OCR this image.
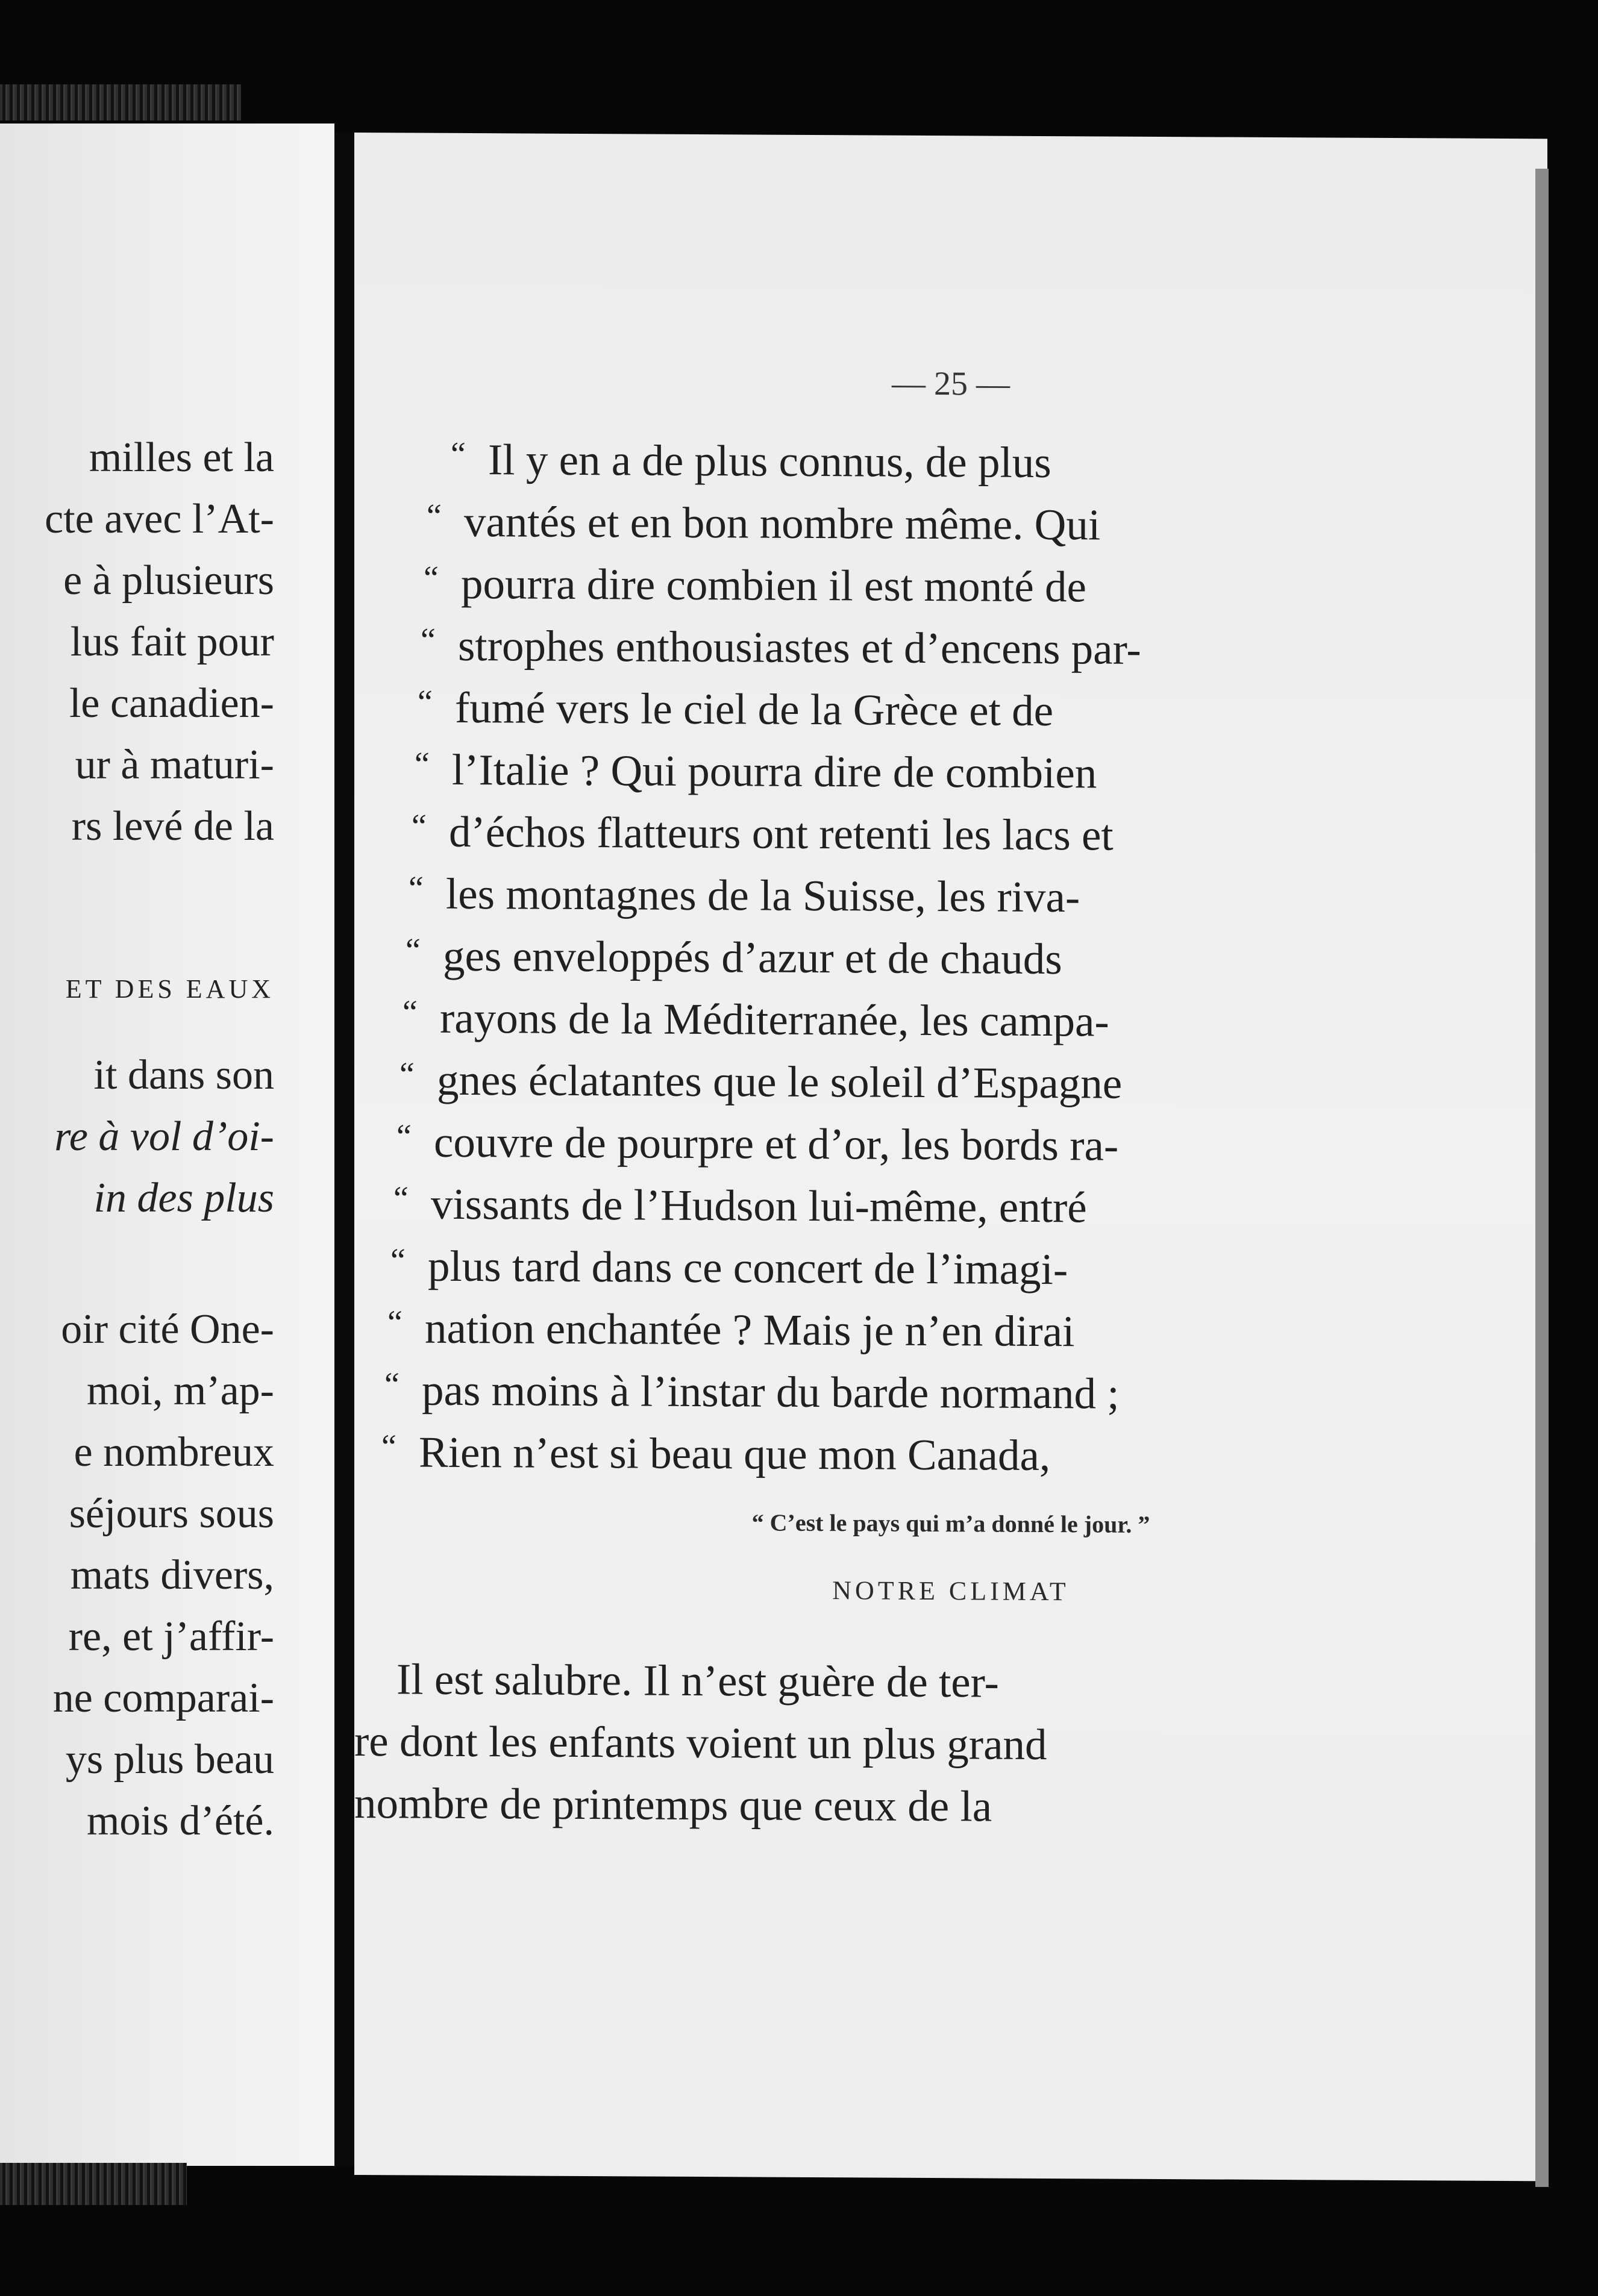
milles et la
cte avec l’At-
e à plusieurs
lus fait pour
le canadien-
ur à maturi-
rs levé de la
ET DES EAUX
it dans son
re à vol d’oi-
in des plus
oir cité One-
moi, m’ap-
e nombreux
séjours sous
mats divers,
re, et j’affir-
ne comparai-
ys plus beau
mois d’été.
— 25 —
“ Il y en a de plus connus, de plus
“ vantés et en bon nombre même. Qui
“ pourra dire combien il est monté de
“ strophes enthousiastes et d’encens par-
“ fumé vers le ciel de la Grèce et de
“ l’Italie ? Qui pourra dire de combien
“ d’échos flatteurs ont retenti les lacs et
“ les montagnes de la Suisse, les riva-
“ ges enveloppés d’azur et de chauds
“ rayons de la Méditerranée, les campa-
“ gnes éclatantes que le soleil d’Espagne
“ couvre de pourpre et d’or, les bords ra-
“ vissants de l’Hudson lui-même, entré
“ plus tard dans ce concert de l’imagi-
“ nation enchantée ? Mais je n’en dirai
“ pas moins à l’instar du barde normand ;
“ Rien n’est si beau que mon Canada,
“ C’est le pays qui m’a donné le jour. ”
NOTRE CLIMAT
Il est salubre. Il n’est guère de ter-
re dont les enfants voient un plus grand
nombre de printemps que ceux de la
